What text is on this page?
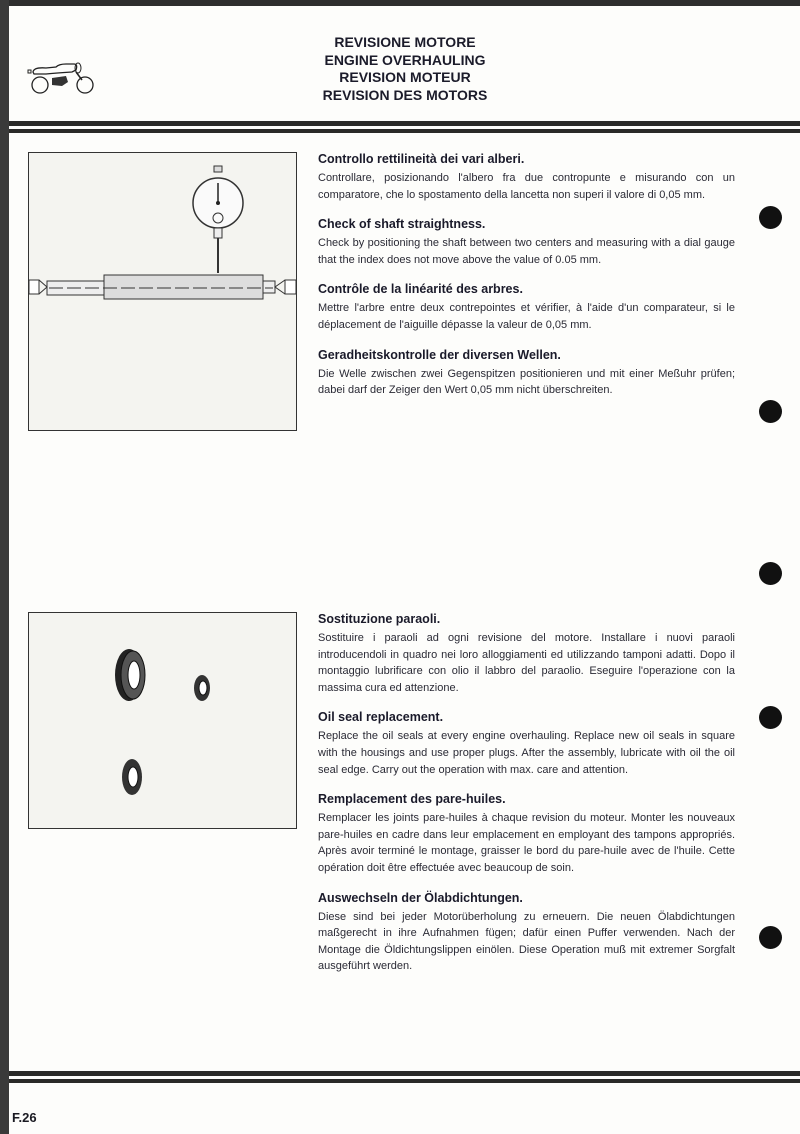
REVISIONE MOTORE
ENGINE OVERHAULING
REVISION MOTEUR
REVISION DES MOTORS
Controllo rettilineità dei vari alberi.

Controllare, posizionando l'albero fra due contropunte e misurando con un comparatore, che lo spostamento della lancetta non superi il valore di 0,05 mm.

Check of shaft straightness.

Check by positioning the shaft between two centers and measuring with a dial gauge that the index does not move above the value of 0.05 mm.

Contrôle de la linéarité des arbres.

Mettre l'arbre entre deux contrepointes et vérifier, à l'aide d'un comparateur, si le déplacement de l'aiguille dépasse la valeur de 0,05 mm.

Geradheitskontrolle der diversen Wellen.

Die Welle zwischen zwei Gegenspitzen positionieren und mit einer Meßuhr prüfen; dabei darf der Zeiger den Wert 0,05 mm nicht überschreiten.

Sostituzione paraoli.

Sostituire i paraoli ad ogni revisione del motore. Installare i nuovi paraoli introducendoli in quadro nei loro alloggiamenti ed utilizzando tamponi adatti. Dopo il montaggio lubrificare con olio il labbro del paraolio. Eseguire l'operazione con la massima cura ed attenzione.

Oil seal replacement.

Replace the oil seals at every engine overhauling. Replace new oil seals in square with the housings and use proper plugs. After the assembly, lubricate with oil the oil seal edge. Carry out the operation with max. care and attention.

Remplacement des pare-huiles.

Remplacer les joints pare-huiles à chaque revision du moteur. Monter les nouveaux pare-huiles en cadre dans leur emplacement en employant des tampons appropriés. Après avoir terminé le montage, graisser le bord du pare-huile avec de l'huile. Cette opération doit être effectuée avec beaucoup de soin.

Auswechseln der Ölabdichtungen.

Diese sind bei jeder Motorüberholung zu erneuern. Die neuen Ölabdichtungen maßgerecht in ihre Aufnahmen fügen; dafür einen Puffer verwenden. Nach der Montage die Öldichtungslippen einölen. Diese Operation muß mit extremer Sorgfalt ausgeführt werden.

F.26
